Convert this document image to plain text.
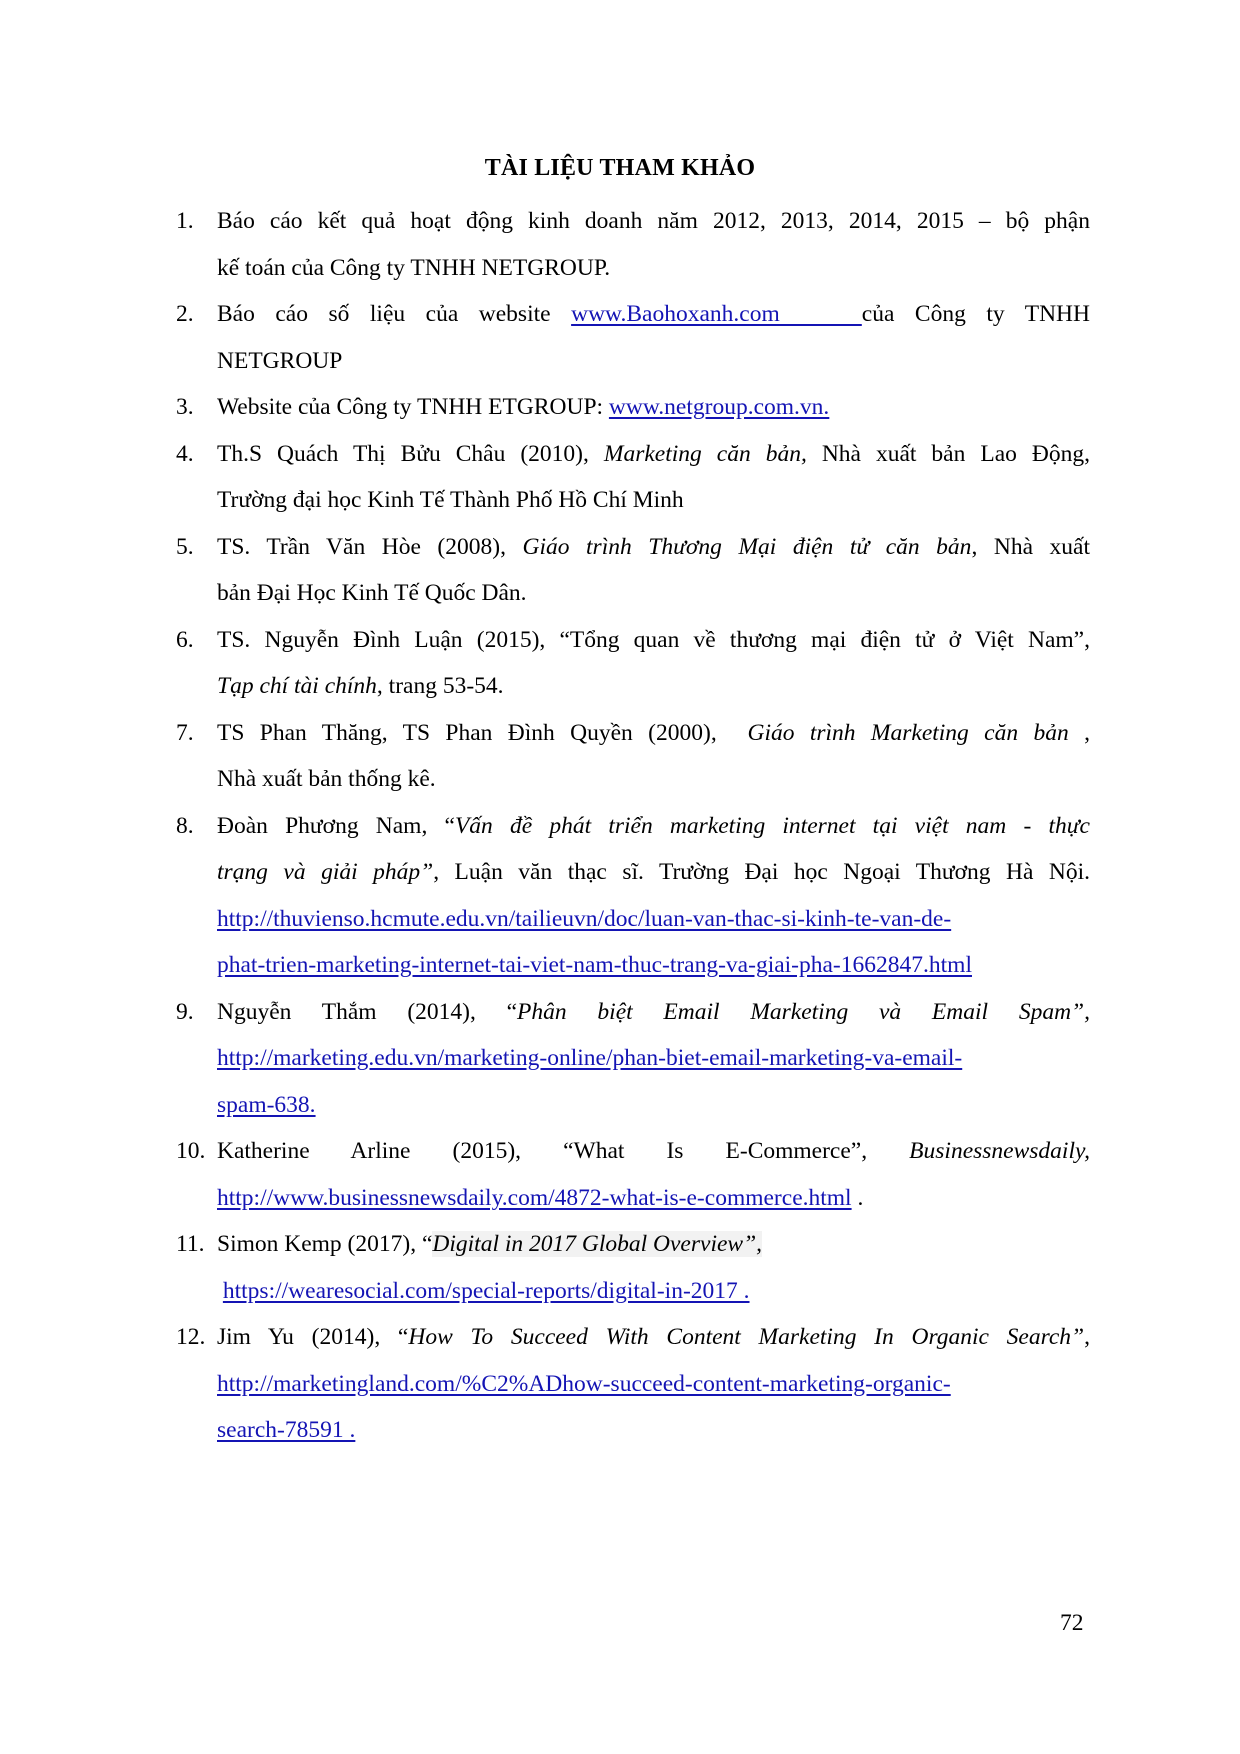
TÀI LIỆU THAM KHẢO
1. Báo cáo kết quả hoạt động kinh doanh năm 2012, 2013, 2014, 2015 – bộ phận
kế toán của Công ty TNHH NETGROUP.
2. Báo cáo số liệu của website www.Baohoxanh.com    của Công ty TNHH
NETGROUP
3. Website của Công ty TNHH ETGROUP: www.netgroup.com.vn.
4. Th.S Quách Thị Bửu Châu (2010), Marketing căn bản, Nhà xuất bản Lao Động,
Trường đại học Kinh Tế Thành Phố Hồ Chí Minh
5. TS. Trần Văn Hòe (2008), Giáo trình Thương Mại điện tử căn bản, Nhà xuất
bản Đại Học Kinh Tế Quốc Dân.
6. TS. Nguyễn Đình Luận (2015), “Tổng quan về thương mại điện tử ở Việt Nam”,
Tạp chí tài chính, trang 53-54.
7. TS Phan Thăng, TS Phan Đình Quyền (2000),  Giáo trình Marketing căn bản ,
Nhà xuất bản thống kê.
8. Đoàn Phương Nam, “Vấn đề phát triển marketing internet tại việt nam - thực
trạng và giải pháp”, Luận văn thạc sĩ. Trường Đại học Ngoại Thương Hà Nội.
http://thuvienso.hcmute.edu.vn/tailieuvn/doc/luan-van-thac-si-kinh-te-van-de-
phat-trien-marketing-internet-tai-viet-nam-thuc-trang-va-giai-pha-1662847.html
9. Nguyễn Thắm (2014), “Phân biệt Email Marketing và Email Spam”,
http://marketing.edu.vn/marketing-online/phan-biet-email-marketing-va-email-
spam-638.
10. Katherine Arline (2015), “What Is E-Commerce”, Businessnewsdaily,
http://www.businessnewsdaily.com/4872-what-is-e-commerce.html .
11. Simon Kemp (2017), “Digital in 2017 Global Overview”,
https://wearesocial.com/special-reports/digital-in-2017 .
12. Jim Yu (2014), “How To Succeed With Content Marketing In Organic Search”,
http://marketingland.com/%C2%ADhow-succeed-content-marketing-organic-
search-78591 .
72
